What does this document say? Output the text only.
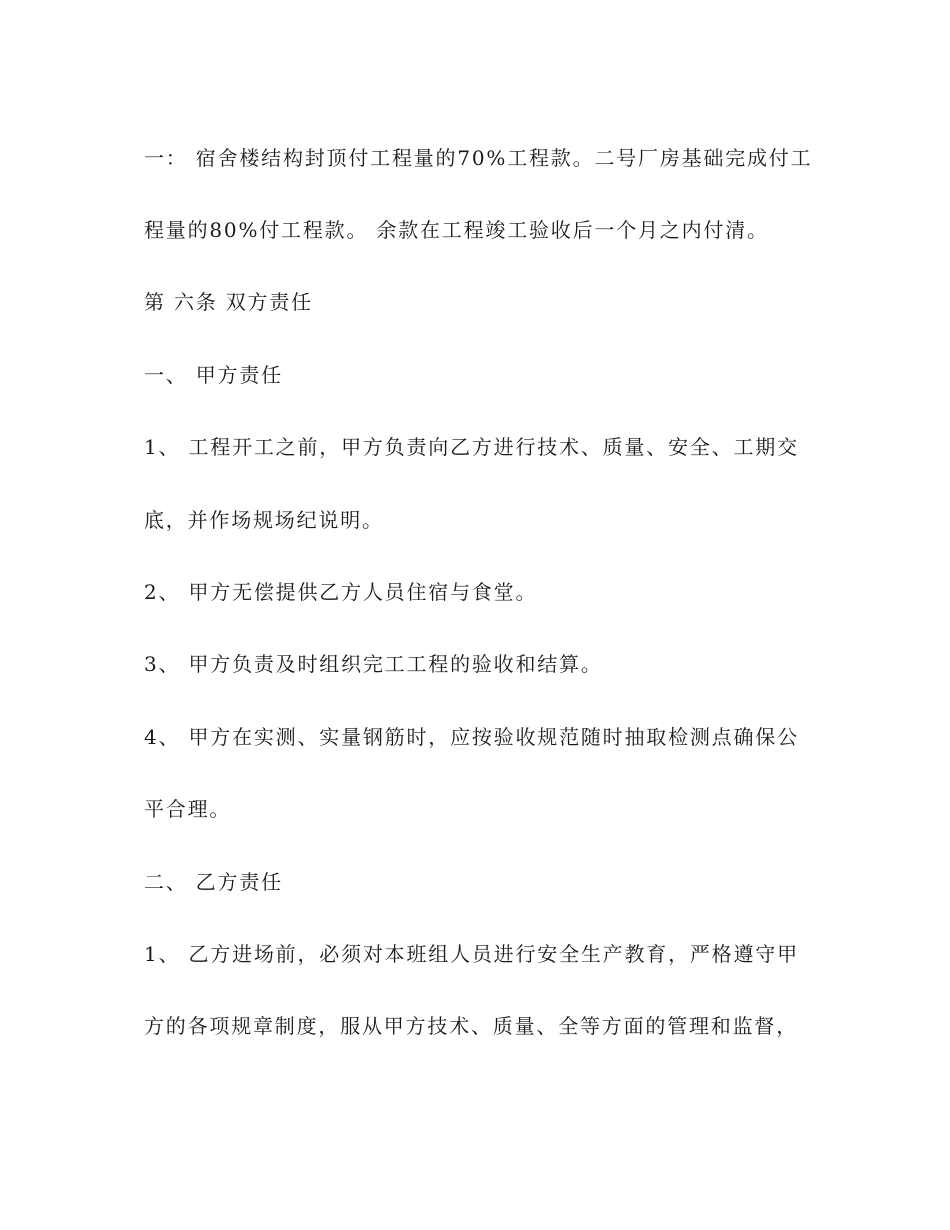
一： 宿舍楼结构封顶付工程量的70%工程款。二号厂房基础完成付工
程量的80%付工程款。 余款在工程竣工验收后一个月之内付清。
第 六条 双方责任
一、 甲方责任
1、 工程开工之前，甲方负责向乙方进行技术、质量、安全、工期交
底，并作场规场纪说明。
2、 甲方无偿提供乙方人员住宿与食堂。
3、 甲方负责及时组织完工工程的验收和结算。
4、 甲方在实测、实量钢筋时，应按验收规范随时抽取检测点确保公
平合理。
二、 乙方责任
1、 乙方进场前，必须对本班组人员进行安全生产教育，严格遵守甲
方的各项规章制度，服从甲方技术、质量、全等方面的管理和监督，
